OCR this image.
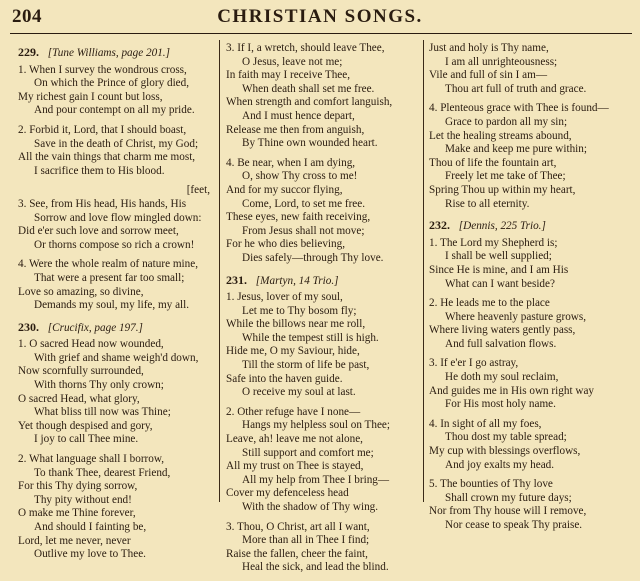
204	CHRISTIAN SONGS.
229. [Tune Williams, page 201.]
1. When I survey the wondrous cross,
On which the Prince of glory died,
My richest gain I count but loss,
And pour contempt on all my pride.
2. Forbid it, Lord, that I should boast,
Save in the death of Christ, my God;
All the vain things that charm me most,
I sacrifice them to His blood.
[feet,
3. See, from His head, His hands, His
Sorrow and love flow mingled down:
Did e'er such love and sorrow meet,
Or thorns compose so rich a crown!
4. Were the whole realm of nature mine,
That were a present far too small;
Love so amazing, so divine,
Demands my soul, my life, my all.
230. [Crucifix, page 197.]
1. O sacred Head now wounded,
With grief and shame weigh'd down,
Now scornfully surrounded,
With thorns Thy only crown;
O sacred Head, what glory,
What bliss till now was Thine;
Yet though despised and gory,
I joy to call Thee mine.
2. What language shall I borrow,
To thank Thee, dearest Friend,
For this Thy dying sorrow,
Thy pity without end!
O make me Thine forever,
And should I fainting be,
Lord, let me never, never
Outlive my love to Thee.
3. If I, a wretch, should leave Thee,
O Jesus, leave not me;
In faith may I receive Thee,
When death shall set me free.
When strength and comfort languish,
And I must hence depart,
Release me then from anguish,
By Thine own wounded heart.
4. Be near, when I am dying,
O, show Thy cross to me!
And for my succor flying,
Come, Lord, to set me free.
These eyes, new faith receiving,
From Jesus shall not move;
For he who dies believing,
Dies safely—through Thy love.
231. [Martyn, 14 Trio.]
1. Jesus, lover of my soul,
Let me to Thy bosom fly;
While the billows near me roll,
While the tempest still is high.
Hide me, O my Saviour, hide,
Till the storm of life be past,
Safe into the haven guide.
O receive my soul at last.
2. Other refuge have I none—
Hangs my helpless soul on Thee;
Leave, ah! leave me not alone,
Still support and comfort me;
All my trust on Thee is stayed,
All my help from Thee I bring—
Cover my defenceless head
With the shadow of Thy wing.
3. Thou, O Christ, art all I want,
More than all in Thee I find;
Raise the fallen, cheer the faint,
Heal the sick, and lead the blind.
Just and holy is Thy name,
I am all unrighteousness;
Vile and full of sin I am—
Thou art full of truth and grace.
4. Plenteous grace with Thee is found—
Grace to pardon all my sin;
Let the healing streams abound,
Make and keep me pure within;
Thou of life the fountain art,
Freely let me take of Thee;
Spring Thou up within my heart,
Rise to all eternity.
232. [Dennis, 225 Trio.]
1. The Lord my Shepherd is;
I shall be well supplied;
Since He is mine, and I am His
What can I want beside?
2. He leads me to the place
Where heavenly pasture grows,
Where living waters gently pass,
And full salvation flows.
3. If e'er I go astray,
He doth my soul reclaim,
And guides me in His own right way
For His most holy name.
4. In sight of all my foes,
Thou dost my table spread;
My cup with blessings overflows,
And joy exalts my head.
5. The bounties of Thy love
Shall crown my future days;
Nor from Thy house will I remove,
Nor cease to speak Thy praise.
